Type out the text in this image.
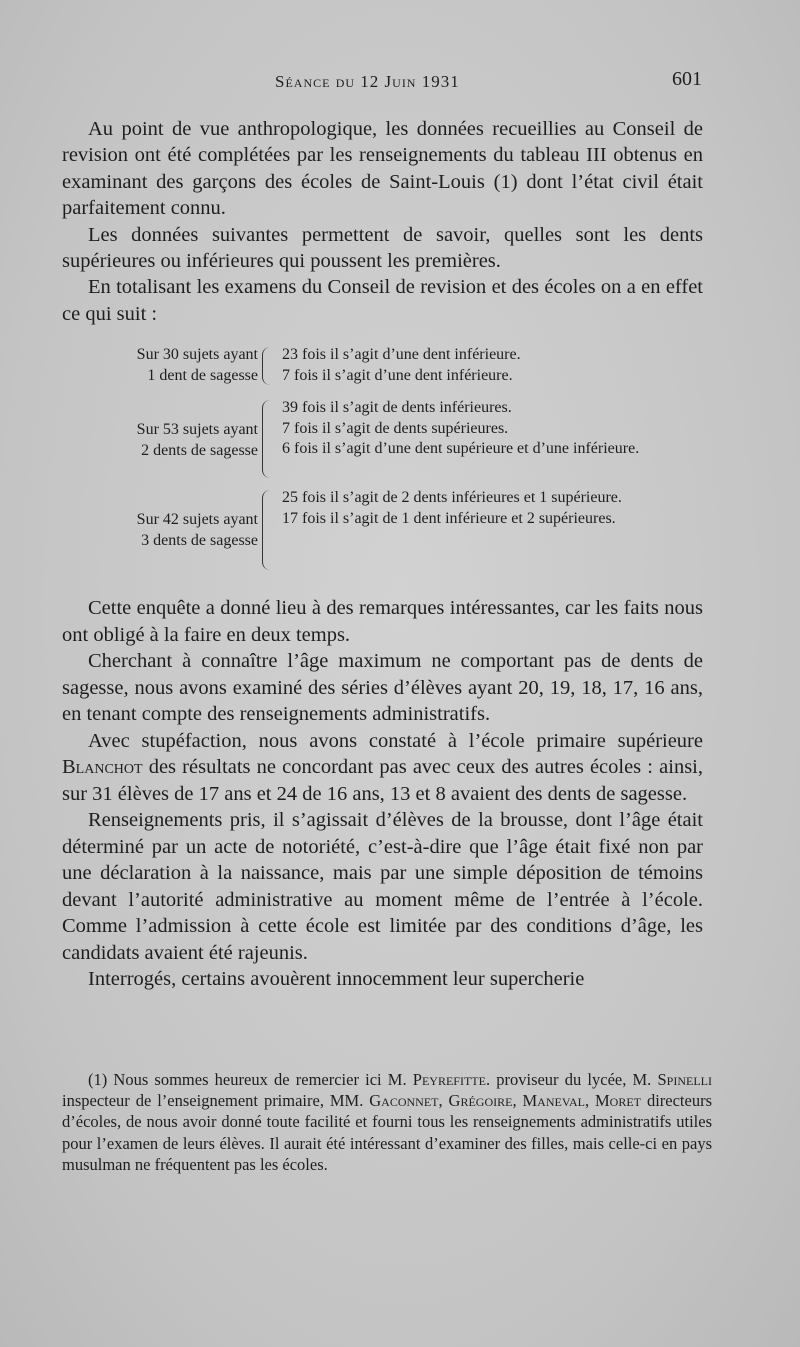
Séance du 12 Juin 1931	601

Au point de vue anthropologique, les données recueillies au Conseil de revision ont été complétées par les renseignements du tableau III obtenus en examinant des garçons des écoles de Saint-Louis (1) dont l’état civil était parfaitement connu.

Les données suivantes permettent de savoir, quelles sont les dents supérieures ou inférieures qui poussent les premières.

En totalisant les examens du Conseil de revision et des écoles on a en effet ce qui suit :

Sur 30 sujets ayant
1 dent de sagesse
23 fois il s’agit d’une dent inférieure.
7 fois il s’agit d’une dent inférieure.
Sur 53 sujets ayant
2 dents de sagesse
39 fois il s’agit de dents inférieures.
7 fois il s’agit de dents supérieures.
6 fois il s’agit d’une dent supérieure et d’une inférieure.
Sur 42 sujets ayant
3 dents de sagesse
25 fois il s’agit de 2 dents inférieures et 1 supérieure.
17 fois il s’agit de 1 dent inférieure et 2 supérieures.

Cette enquête a donné lieu à des remarques intéressantes, car les faits nous ont obligé à la faire en deux temps.

Cherchant à connaître l’âge maximum ne comportant pas de dents de sagesse, nous avons examiné des séries d’élèves ayant 20, 19, 18, 17, 16 ans, en tenant compte des renseignements administratifs.

Avec stupéfaction, nous avons constaté à l’école primaire supérieure Blanchot des résultats ne concordant pas avec ceux des autres écoles : ainsi, sur 31 élèves de 17 ans et 24 de 16 ans, 13 et 8 avaient des dents de sagesse.

Renseignements pris, il s’agissait d’élèves de la brousse, dont l’âge était déterminé par un acte de notoriété, c’est-à-dire que l’âge était fixé non par une déclaration à la naissance, mais par une simple déposition de témoins devant l’autorité administrative au moment même de l’entrée à l’école. Comme l’admission à cette école est limitée par des conditions d’âge, les candidats avaient été rajeunis.

Interrogés, certains avouèrent innocemment leur supercherie

(1) Nous sommes heureux de remercier ici M. Peyrefitte. proviseur du lycée, M. Spinelli inspecteur de l’enseignement primaire, MM. Gaconnet, Grégoire, Maneval, Moret directeurs d’écoles, de nous avoir donné toute facilité et fourni tous les renseignements administratifs utiles pour l’examen de leurs élèves. Il aurait été intéressant d’examiner des filles, mais celle-ci en pays musulman ne fréquentent pas les écoles.
